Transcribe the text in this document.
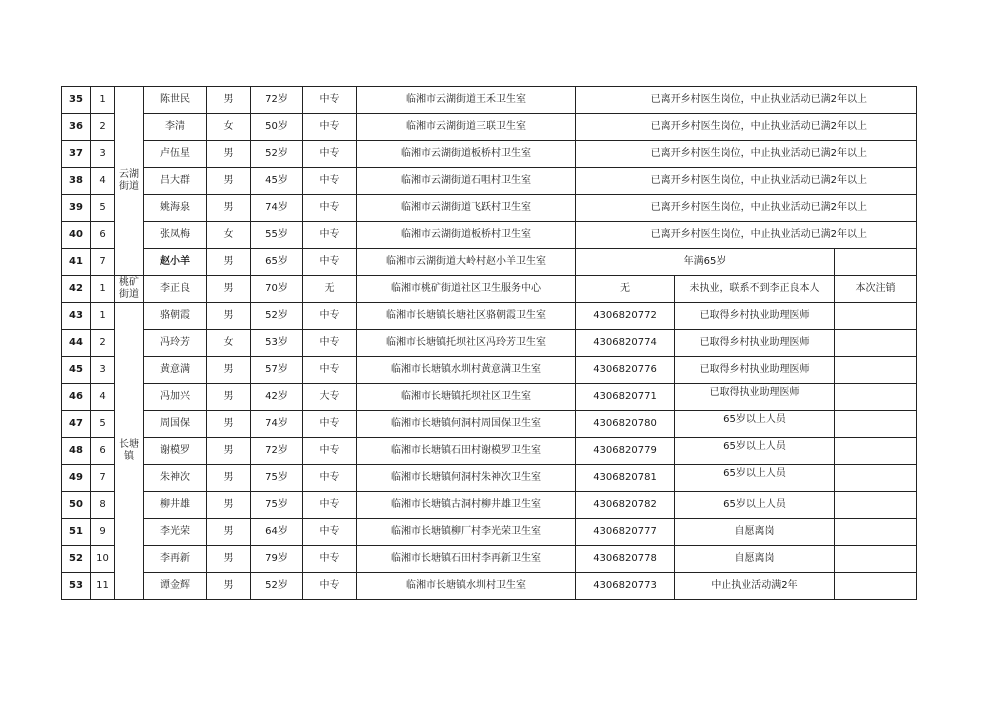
35	1	云湖街道	陈世民	男	72岁	中专	临湘市云湖街道王禾卫生室	已离开乡村医生岗位，中止执业活动已满2年以上		
36	2		李清	女	50岁	中专	临湘市云湖街道三联卫生室	已离开乡村医生岗位，中止执业活动已满2年以上		
37	3		卢伍星	男	52岁	中专	临湘市云湖街道板桥村卫生室	已离开乡村医生岗位，中止执业活动已满2年以上		
38	4		吕大群	男	45岁	中专	临湘市云湖街道石咀村卫生室	已离开乡村医生岗位，中止执业活动已满2年以上		
39	5		姚海泉	男	74岁	中专	临湘市云湖街道飞跃村卫生室	已离开乡村医生岗位，中止执业活动已满2年以上		
40	6		张凤梅	女	55岁	中专	临湘市云湖街道板桥村卫生室	已离开乡村医生岗位，中止执业活动已满2年以上		
41	7		赵小羊	男	65岁	中专	临湘市云湖街道大岭村赵小羊卫生室	年满65岁		
42	1	桃矿街道	李正良	男	70岁	无	临湘市桃矿街道社区卫生服务中心	无	未执业，联系不到李正良本人	本次注销
43	1	长塘镇	骆朝霞	男	52岁	中专	临湘市长塘镇长塘社区骆朝霞卫生室	4306820772	已取得乡村执业助理医师	
44	2		冯玲芳	女	53岁	中专	临湘市长塘镇托坝社区冯玲芳卫生室	4306820774	已取得乡村执业助理医师	
45	3		黄意满	男	57岁	中专	临湘市长塘镇水圳村黄意满卫生室	4306820776	已取得乡村执业助理医师	
46	4		冯加兴	男	42岁	大专	临湘市长塘镇托坝社区卫生室	4306820771	已取得执业助理医师	
47	5		周国保	男	74岁	中专	临湘市长塘镇何洞村周国保卫生室	4306820780	65岁以上人员	
48	6		谢模罗	男	72岁	中专	临湘市长塘镇石田村谢模罗卫生室	4306820779	65岁以上人员	
49	7		朱神次	男	75岁	中专	临湘市长塘镇何洞村朱神次卫生室	4306820781	65岁以上人员	
50	8		柳井雄	男	75岁	中专	临湘市长塘镇古洞村柳井雄卫生室	4306820782	65岁以上人员	
51	9		李光荣	男	64岁	中专	临湘市长塘镇柳厂村李光荣卫生室	4306820777	自愿离岗	
52	10		李再新	男	79岁	中专	临湘市长塘镇石田村李再新卫生室	4306820778	自愿离岗	
53	11		谭金辉	男	52岁	中专	临湘市长塘镇水圳村卫生室	4306820773	中止执业活动满2年	
